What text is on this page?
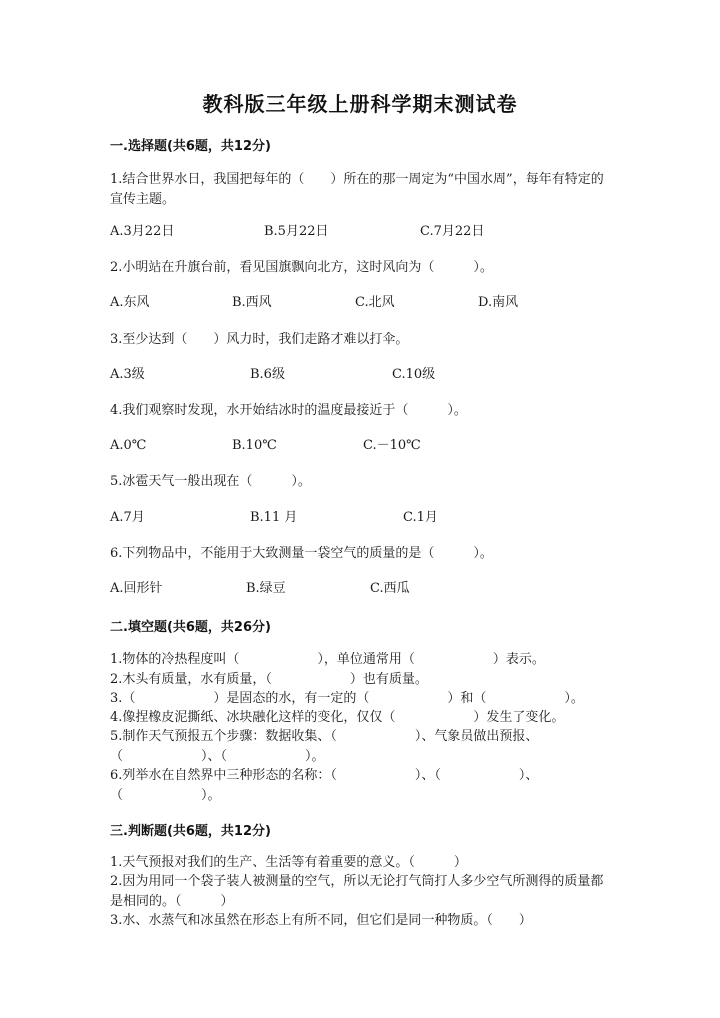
教科版三年级上册科学期末测试卷
一.选择题(共6题，共12分)
1.结合世界水日，我国把每年的（　　）所在的那一周定为“中国水周”，每年有特定的宣传主题。
A.3月22日	B.5月22日	C.7月22日
2.小明站在升旗台前，看见国旗飘向北方，这时风向为（　　　）。
A.东风	B.西风	C.北风	D.南风
3.至少达到（　　）风力时，我们走路才难以打伞。
A.3级	B.6级	C.10级
4.我们观察时发现，水开始结冰时的温度最接近于（　　　）。
A.0℃	B.10℃	C.－10℃
5.冰雹天气一般出现在（　　　）。
A.7月	B.11 月	C.1月
6.下列物品中，不能用于大致测量一袋空气的质量的是（　　　）。
A.回形针	B.绿豆	C.西瓜
二.填空题(共6题，共26分)
1.物体的冷热程度叫（　　　　　　），单位通常用（　　　　　　）表示。
2.木头有质量，水有质量，（　　　　　　）也有质量。
3.（　　　　　　）是固态的水，有一定的（　　　　　　）和（　　　　　　）。
4.像捏橡皮泥撕纸、冰块融化这样的变化，仅仅（　　　　　　）发生了变化。
5.制作天气预报五个步骤：数据收集、（　　　　　　）、气象员做出预报、（　　　　　　）、（　　　　　　）。
6.列举水在自然界中三种形态的名称：（　　　　　　）、（　　　　　　）、（　　　　　　）。
三.判断题(共6题，共12分)
1.天气预报对我们的生产、生活等有着重要的意义。（　　　）
2.因为用同一个袋子装人被测量的空气，所以无论打气筒打人多少空气所测得的质量都是相同的。（　　　）
3.水、水蒸气和冰虽然在形态上有所不同，但它们是同一种物质。（　　）
